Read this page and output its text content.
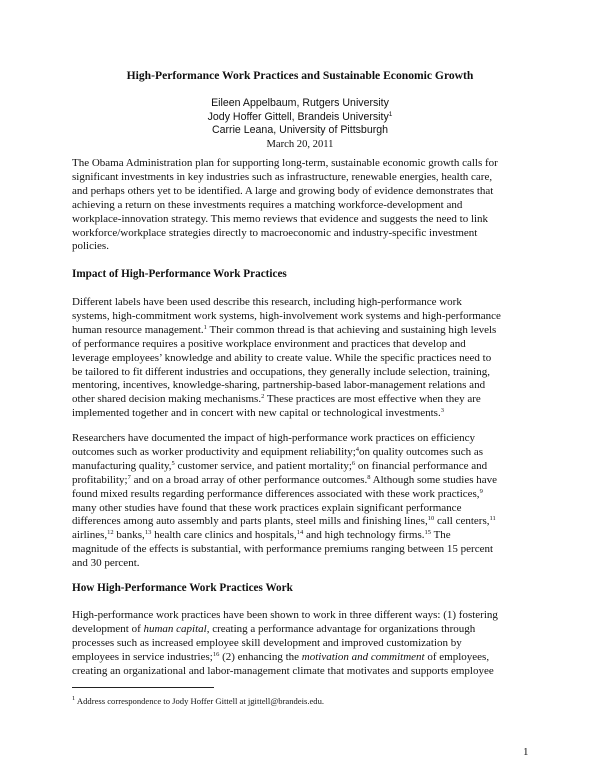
High-Performance Work Practices and Sustainable Economic Growth
Eileen Appelbaum, Rutgers University
Jody Hoffer Gittell, Brandeis University$^1$
Carrie Leana, University of Pittsburgh
March 20, 2011
The Obama Administration plan for supporting long-term, sustainable economic growth calls for
significant investments in key industries such as infrastructure, renewable energies, health care,
and perhaps others yet to be identified. A large and growing body of evidence demonstrates that
achieving a return on these investments requires a matching workforce-development and
workplace-innovation strategy. This memo reviews that evidence and suggests the need to link
workforce/workplace strategies directly to macroeconomic and industry-specific investment
policies.
Impact of High-Performance Work Practices
Different labels have been used describe this research, including high-performance work
systems, high-commitment work systems, high-involvement work systems and high-performance
human resource management.$^1$ Their common thread is that achieving and sustaining high levels
of performance requires a positive workplace environment and practices that develop and
leverage employees’ knowledge and ability to create value. While the specific practices need to
be tailored to fit different industries and occupations, they generally include selection, training,
mentoring, incentives, knowledge-sharing, partnership-based labor-management relations and
other shared decision making mechanisms.$^2$ These practices are most effective when they are
implemented together and in concert with new capital or technological investments.$^3$
Researchers have documented the impact of high-performance work practices on efficiency
outcomes such as worker productivity and equipment reliability;$^4$on quality outcomes such as
manufacturing quality,$^5$ customer service, and patient mortality;$^6$ on financial performance and
profitability;$^7$ and on a broad array of other performance outcomes.$^8$ Although some studies have
found mixed results regarding performance differences associated with these work practices,$^9$
many other studies have found that these work practices explain significant performance
differences among auto assembly and parts plants, steel mills and finishing lines,$^{10}$ call centers,$^{11}$
airlines,$^{12}$ banks,$^{13}$ health care clinics and hospitals,$^{14}$ and high technology firms.$^{15}$ The
magnitude of the effects is substantial, with performance premiums ranging between 15 percent
and 30 percent.
How High-Performance Work Practices Work
High-performance work practices have been shown to work in three different ways: (1) fostering
development of human capital, creating a performance advantage for organizations through
processes such as increased employee skill development and improved customization by
employees in service industries;$^{16}$ (2) enhancing the motivation and commitment of employees,
creating an organizational and labor-management climate that motivates and supports employee
$^1$ Address correspondence to Jody Hoffer Gittell at jgittell@brandeis.edu.
1
